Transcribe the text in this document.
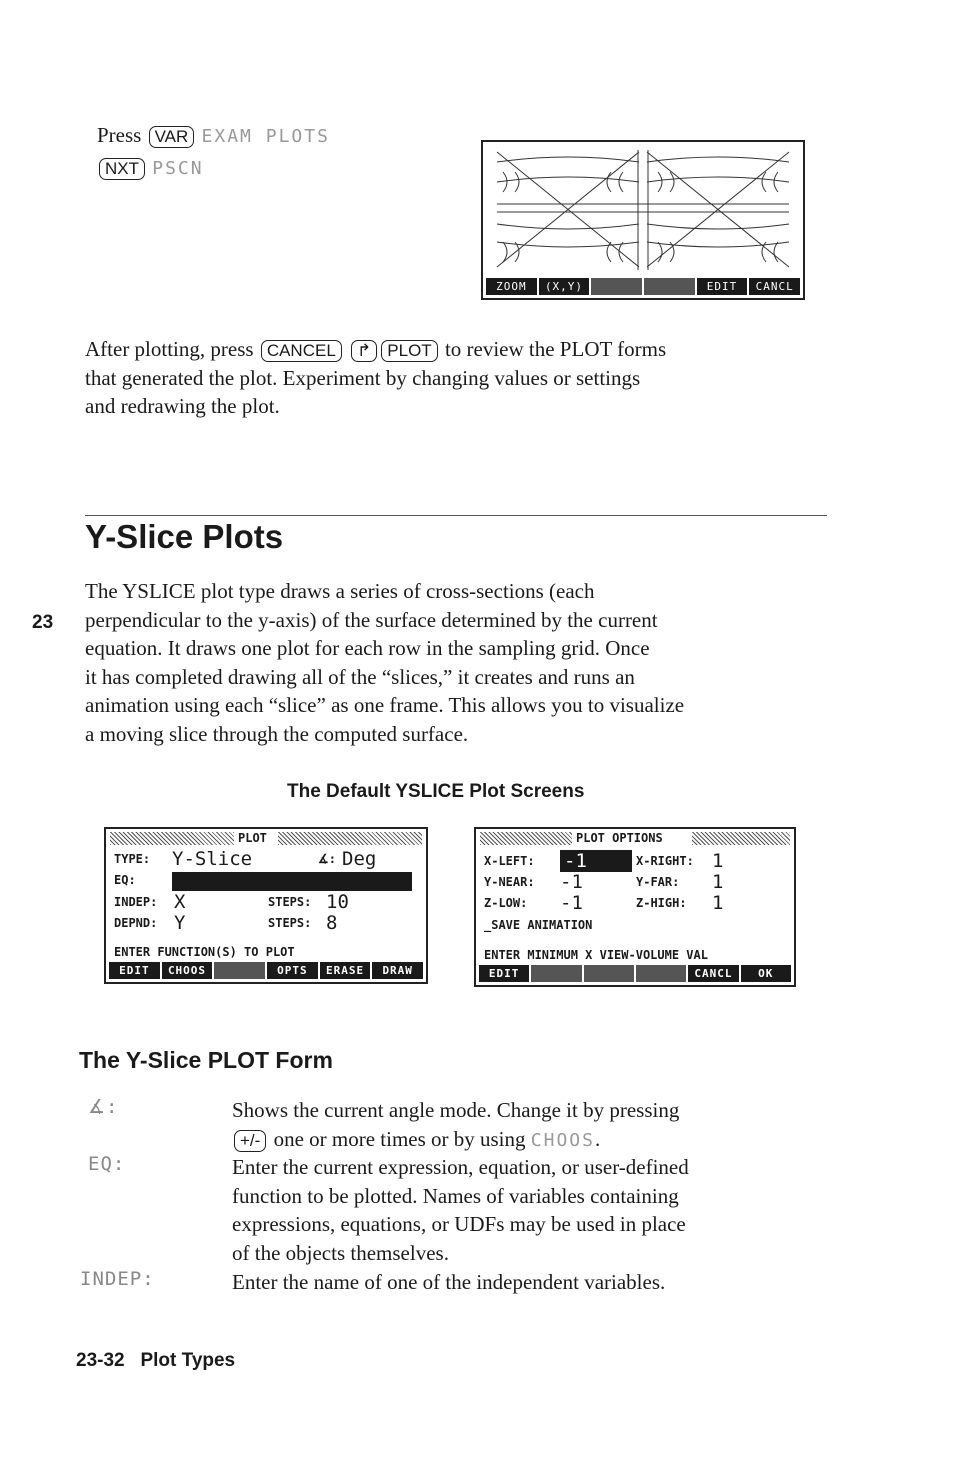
Press VAR EXAM PLOTS
NXT PSCN
ZOOM	(X,Y)	EDIT	CANCL
After plotting, press CANCEL ↱ PLOT to review the PLOT forms
that generated the plot. Experiment by changing values or settings
and redrawing the plot.
Y-Slice Plots
23
The YSLICE plot type draws a series of cross-sections (each
perpendicular to the y-axis) of the surface determined by the current
equation. It draws one plot for each row in the sampling grid. Once
it has completed drawing all of the “slices,” it creates and runs an
animation using each “slice” as one frame. This allows you to visualize
a moving slice through the computed surface.
The Default YSLICE Plot Screens
PLOT
TYPE: Y-Slice	∡: Deg
EQ:
INDEP: X	STEPS: 10
DEPND: Y	STEPS: 8
ENTER FUNCTION(S) TO PLOT
EDIT	CHOOS	OPTS	ERASE	DRAW
PLOT OPTIONS
X-LEFT: -1	X-RIGHT: 1
Y-NEAR: -1	Y-FAR: 1
Z-LOW: -1	Z-HIGH: 1
_SAVE ANIMATION
ENTER MINIMUM X VIEW-VOLUME VAL
EDIT	CANCL	OK
The Y-Slice PLOT Form
∡:	Shows the current angle mode. Change it by pressing
+/- one or more times or by using CHOOS.
EQ:	Enter the current expression, equation, or user-defined
function to be plotted. Names of variables containing
expressions, equations, or UDFs may be used in place
of the objects themselves.
INDEP:	Enter the name of one of the independent variables.
23-32 Plot Types
